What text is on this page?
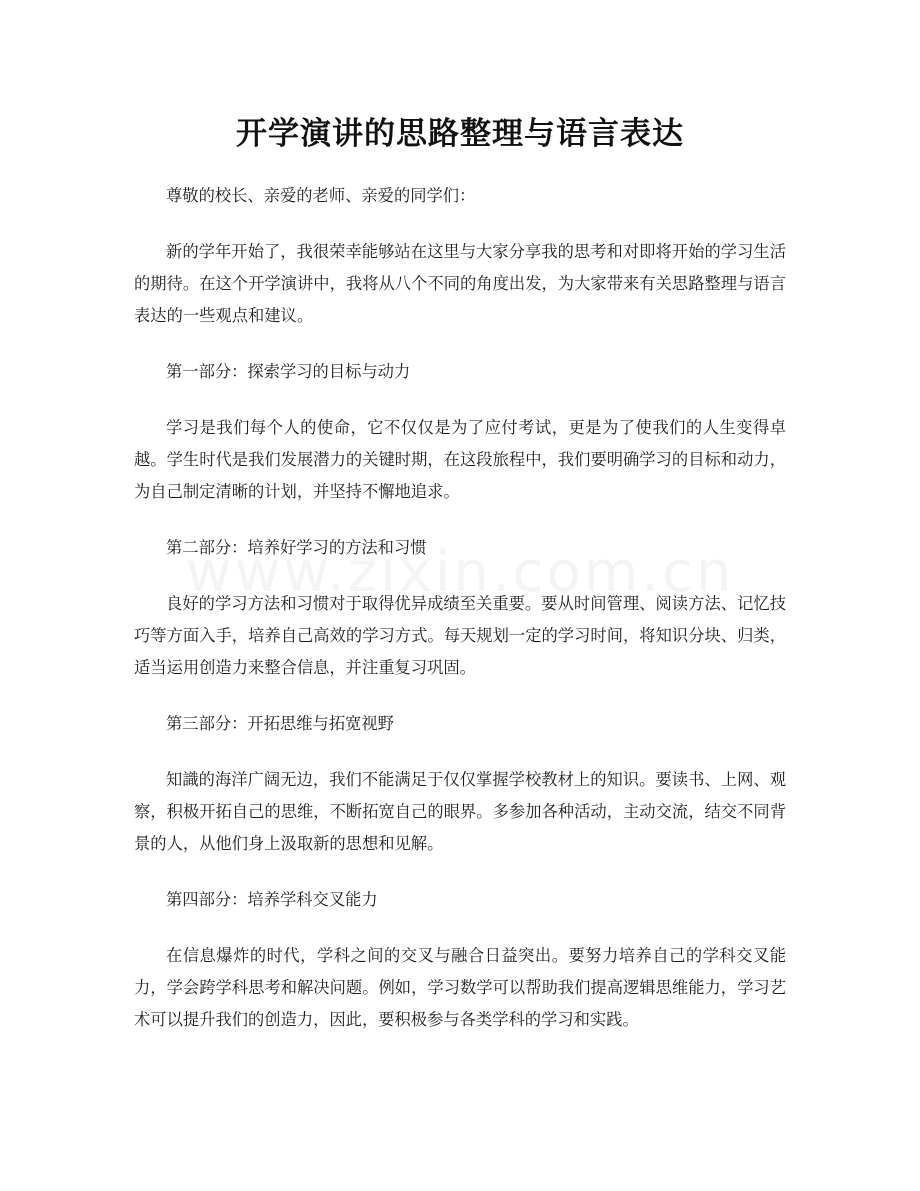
开学演讲的思路整理与语言表达

尊敬的校长、亲爱的老师、亲爱的同学们：

新的学年开始了，我很荣幸能够站在这里与大家分享我的思考和对即将开始的学习生活的期待。在这个开学演讲中，我将从八个不同的角度出发，为大家带来有关思路整理与语言表达的一些观点和建议。

第一部分：探索学习的目标与动力

学习是我们每个人的使命，它不仅仅是为了应付考试，更是为了使我们的人生变得卓越。学生时代是我们发展潜力的关键时期，在这段旅程中，我们要明确学习的目标和动力，为自己制定清晰的计划，并坚持不懈地追求。

第二部分：培养好学习的方法和习惯

良好的学习方法和习惯对于取得优异成绩至关重要。要从时间管理、阅读方法、记忆技巧等方面入手，培养自己高效的学习方式。每天规划一定的学习时间，将知识分块、归类，适当运用创造力来整合信息，并注重复习巩固。

第三部分：开拓思维与拓宽视野

知識的海洋广阔无边，我们不能满足于仅仅掌握学校教材上的知识。要读书、上网、观察，积极开拓自己的思维，不断拓宽自己的眼界。多参加各种活动，主动交流，结交不同背景的人，从他们身上汲取新的思想和见解。

第四部分：培养学科交叉能力

在信息爆炸的时代，学科之间的交叉与融合日益突出。要努力培养自己的学科交叉能力，学会跨学科思考和解决问题。例如，学习数学可以帮助我们提高逻辑思维能力，学习艺术可以提升我们的创造力，因此，要积极参与各类学科的学习和实践。
